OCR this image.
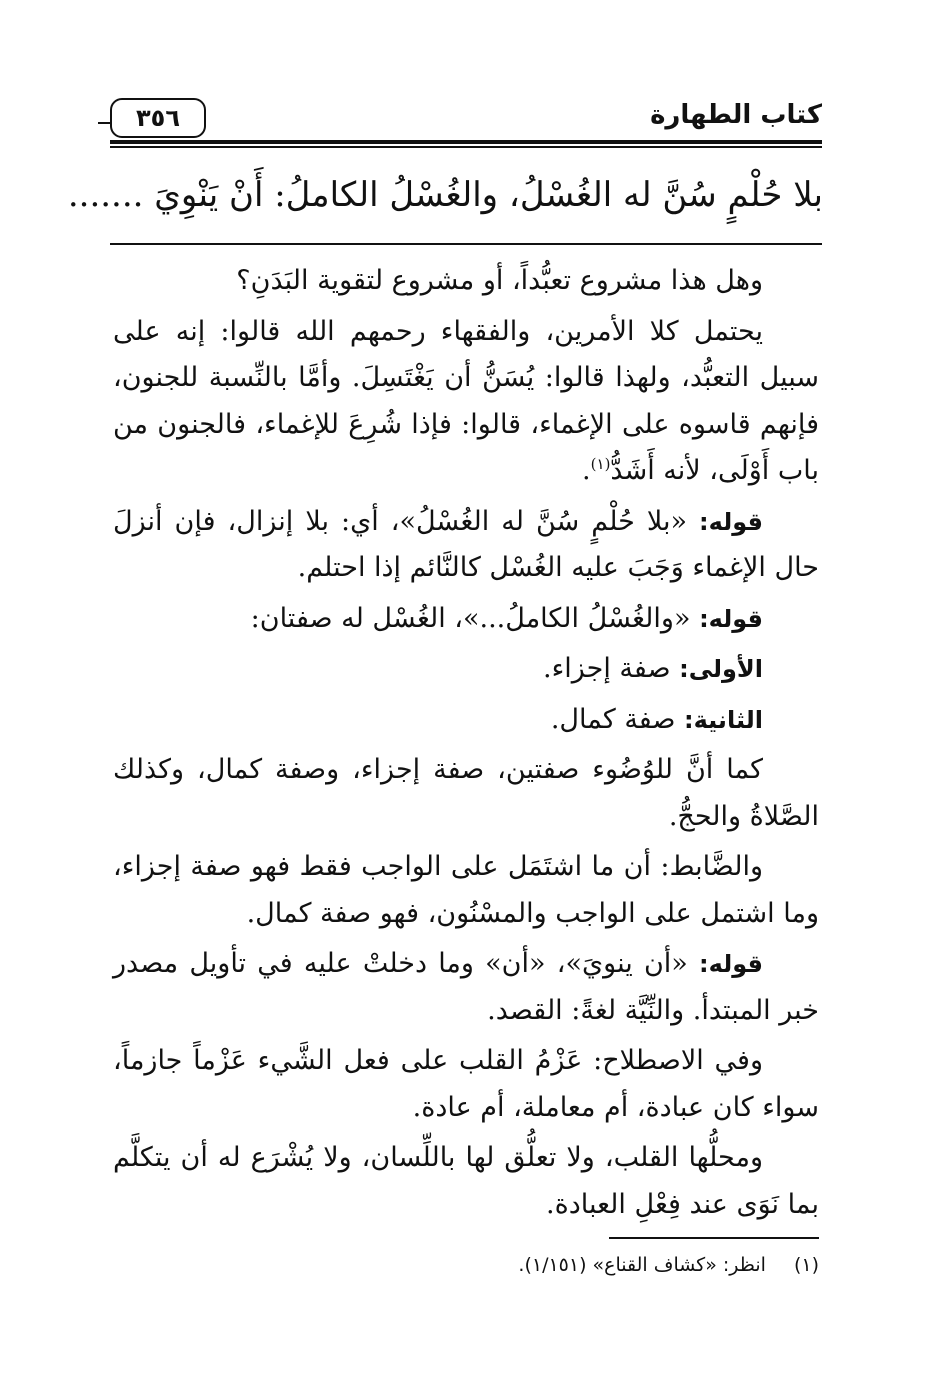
كتاب الطهارة
٣٥٦
بلا حُلْمٍ سُنَّ له الغُسْلُ، والغُسْلُ الكاملُ: أَنْ يَنْوِيَ .......

وهل هذا مشروع تعبُّداً، أو مشروع لتقوية البَدَنِ؟

يحتمل كلا الأمرين، والفقهاء رحمهم الله قالوا: إنه على سبيل التعبُّد، ولهذا قالوا: يُسَنُّ أن يَغْتَسِلَ. وأمَّا بالنِّسبة للجنون، فإنهم قاسوه على الإغماء، قالوا: فإذا شُرِعَ للإغماء، فالجنون من باب أَوْلَى، لأنه أَشَدُّ$^{(١)}$.

قوله: «بلا حُلْمٍ سُنَّ له الغُسْلُ»، أي: بلا إنزال، فإن أنزلَ حال الإغماء وَجَبَ عليه الغُسْل كالنَّائم إذا احتلم.

قوله: «والغُسْلُ الكاملُ...»، الغُسْل له صفتان:

الأولى: صفة إجزاء.

الثانية: صفة كمال.

كما أنَّ للوُضُوء صفتين، صفة إجزاء، وصفة كمال، وكذلك الصَّلاةُ والحجُّ.

والضَّابط: أن ما اشتَمَل على الواجب فقط فهو صفة إجزاء، وما اشتمل على الواجب والمسْنُون، فهو صفة كمال.

قوله: «أن ينويَ»، «أن» وما دخلتْ عليه في تأويل مصدر خبر المبتدأ. والنِّيَّة لغةً: القصد.

وفي الاصطلاح: عَزْمُ القلب على فعل الشَّيء عَزْماً جازماً، سواء كان عبادة، أم معاملة، أم عادة.

ومحلُّها القلب، ولا تعلُّق لها باللِّسان، ولا يُشْرَع له أن يتكلَّم بما نَوَى عند فِعْلِ العبادة.

(١)انظر: «كشاف القناع» (١/١٥١).
